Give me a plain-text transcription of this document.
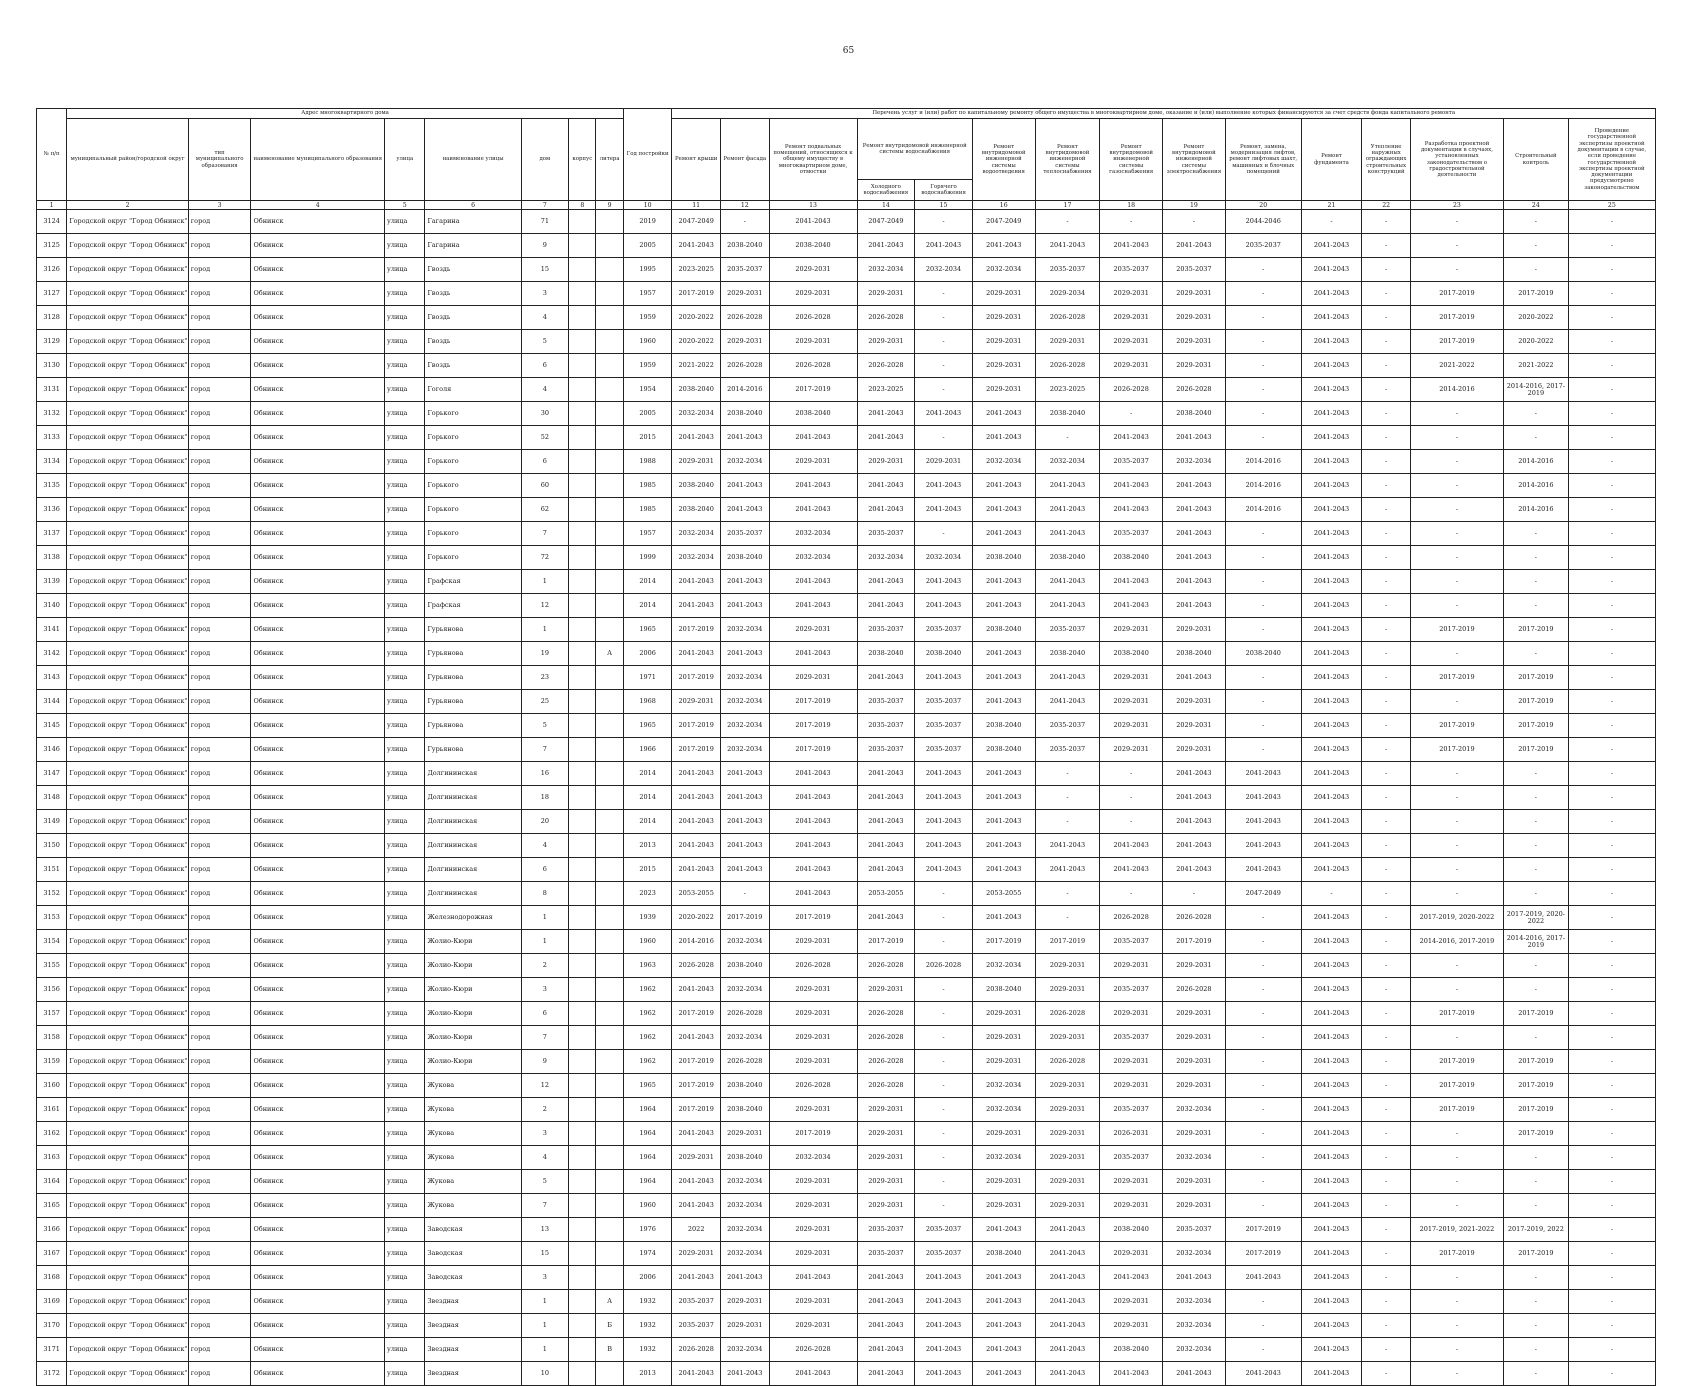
65
№ п/п	Адрес многоквартирного дома								Год постройки	Перечень услуг и (или) работ по капитальному ремонту общего имущества в многоквартирном доме, оказание и (или) выполнение которых финансируются за счет средств фонда капитального ремонта														
	муниципальный район/городской округ	тип муниципального образования	наименование муниципального образования	улица	наименование улицы	дом	корпус	литера		Ремонт крыши	Ремонт фасада	Ремонт подвальных помещений, относящихся к общему имуществу в многоквартирном доме, отмостки	Ремонт внутридомовой инженерной системы водоснабжения		Ремонт внутридомовой инженерной системы водоотведения	Ремонт внутридомовой инженерной системы теплоснабжения	Ремонт внутридомовой инженерной системы газоснабжения	Ремонт внутридомовой инженерной системы электроснабжения	Ремонт, замена, модернизация лифтов, ремонт лифтовых шахт, машинных и блочных помещений	Ремонт фундамента	Утепление наружных ограждающих строительных конструкций	Разработка проектной документации в случаях, установленных законодательством о градостроительной деятельности	Строительный контроль	Проведение государственной экспертизы проектной документации в случае, если проведение государственной экспертизы проектной документации предусмотрено законодательством
													Холодного водоснабжения	Горячего водоснабжения										
1	2	3	4	5	6	7	8	9	10	11	12	13	14	15	16	17	18	19	20	21	22	23	24	25
3124	Городской округ "Город Обнинск"	город	Обнинск	улица	Гагарина	71			2019	2047-2049	-	2041-2043	2047-2049	-	2047-2049	-	-	-	2044-2046	-	-	-	-	-
3125	Городской округ "Город Обнинск"	город	Обнинск	улица	Гагарина	9			2005	2041-2043	2038-2040	2038-2040	2041-2043	2041-2043	2041-2043	2041-2043	2041-2043	2041-2043	2035-2037	2041-2043	-	-	-	-
3126	Городской округ "Город Обнинск"	город	Обнинск	улица	Гвоздь	15			1995	2023-2025	2035-2037	2029-2031	2032-2034	2032-2034	2032-2034	2035-2037	2035-2037	2035-2037	-	2041-2043	-	-	-	-
3127	Городской округ "Город Обнинск"	город	Обнинск	улица	Гвоздь	3			1957	2017-2019	2029-2031	2029-2031	2029-2031	-	2029-2031	2029-2034	2029-2031	2029-2031	-	2041-2043	-	2017-2019	2017-2019	-
3128	Городской округ "Город Обнинск"	город	Обнинск	улица	Гвоздь	4			1959	2020-2022	2026-2028	2026-2028	2026-2028	-	2029-2031	2026-2028	2029-2031	2029-2031	-	2041-2043	-	2017-2019	2020-2022	-
3129	Городской округ "Город Обнинск"	город	Обнинск	улица	Гвоздь	5			1960	2020-2022	2029-2031	2029-2031	2029-2031	-	2029-2031	2029-2031	2029-2031	2029-2031	-	2041-2043	-	2017-2019	2020-2022	-
3130	Городской округ "Город Обнинск"	город	Обнинск	улица	Гвоздь	6			1959	2021-2022	2026-2028	2026-2028	2026-2028	-	2029-2031	2026-2028	2029-2031	2029-2031	-	2041-2043	-	2021-2022	2021-2022	-
3131	Городской округ "Город Обнинск"	город	Обнинск	улица	Гоголя	4			1954	2038-2040	2014-2016	2017-2019	2023-2025	-	2029-2031	2023-2025	2026-2028	2026-2028	-	2041-2043	-	2014-2016	2014-2016, 2017-2019	-
3132	Городской округ "Город Обнинск"	город	Обнинск	улица	Горького	30			2005	2032-2034	2038-2040	2038-2040	2041-2043	2041-2043	2041-2043	2038-2040	-	2038-2040	-	2041-2043	-	-	-	-
3133	Городской округ "Город Обнинск"	город	Обнинск	улица	Горького	52			2015	2041-2043	2041-2043	2041-2043	2041-2043	-	2041-2043	-	2041-2043	2041-2043	-	2041-2043	-	-	-	-
3134	Городской округ "Город Обнинск"	город	Обнинск	улица	Горького	6			1988	2029-2031	2032-2034	2029-2031	2029-2031	2029-2031	2032-2034	2032-2034	2035-2037	2032-2034	2014-2016	2041-2043	-	-	2014-2016	-
3135	Городской округ "Город Обнинск"	город	Обнинск	улица	Горького	60			1985	2038-2040	2041-2043	2041-2043	2041-2043	2041-2043	2041-2043	2041-2043	2041-2043	2041-2043	2014-2016	2041-2043	-	-	2014-2016	-
3136	Городской округ "Город Обнинск"	город	Обнинск	улица	Горького	62			1985	2038-2040	2041-2043	2041-2043	2041-2043	2041-2043	2041-2043	2041-2043	2041-2043	2041-2043	2014-2016	2041-2043	-	-	2014-2016	-
3137	Городской округ "Город Обнинск"	город	Обнинск	улица	Горького	7			1957	2032-2034	2035-2037	2032-2034	2035-2037	-	2041-2043	2041-2043	2035-2037	2041-2043	-	2041-2043	-	-	-	-
3138	Городской округ "Город Обнинск"	город	Обнинск	улица	Горького	72			1999	2032-2034	2038-2040	2032-2034	2032-2034	2032-2034	2038-2040	2038-2040	2038-2040	2041-2043	-	2041-2043	-	-	-	-
3139	Городской округ "Город Обнинск"	город	Обнинск	улица	Графская	1			2014	2041-2043	2041-2043	2041-2043	2041-2043	2041-2043	2041-2043	2041-2043	2041-2043	2041-2043	-	2041-2043	-	-	-	-
3140	Городской округ "Город Обнинск"	город	Обнинск	улица	Графская	12			2014	2041-2043	2041-2043	2041-2043	2041-2043	2041-2043	2041-2043	2041-2043	2041-2043	2041-2043	-	2041-2043	-	-	-	-
3141	Городской округ "Город Обнинск"	город	Обнинск	улица	Гурьянова	1			1965	2017-2019	2032-2034	2029-2031	2035-2037	2035-2037	2038-2040	2035-2037	2029-2031	2029-2031	-	2041-2043	-	2017-2019	2017-2019	-
3142	Городской округ "Город Обнинск"	город	Обнинск	улица	Гурьянова	19		А	2006	2041-2043	2041-2043	2041-2043	2038-2040	2038-2040	2041-2043	2038-2040	2038-2040	2038-2040	2038-2040	2041-2043	-	-	-	-
3143	Городской округ "Город Обнинск"	город	Обнинск	улица	Гурьянова	23			1971	2017-2019	2032-2034	2029-2031	2041-2043	2041-2043	2041-2043	2041-2043	2029-2031	2041-2043	-	2041-2043	-	2017-2019	2017-2019	-
3144	Городской округ "Город Обнинск"	город	Обнинск	улица	Гурьянова	25			1968	2029-2031	2032-2034	2017-2019	2035-2037	2035-2037	2041-2043	2041-2043	2029-2031	2029-2031	-	2041-2043	-	-	2017-2019	-
3145	Городской округ "Город Обнинск"	город	Обнинск	улица	Гурьянова	5			1965	2017-2019	2032-2034	2017-2019	2035-2037	2035-2037	2038-2040	2035-2037	2029-2031	2029-2031	-	2041-2043	-	2017-2019	2017-2019	-
3146	Городской округ "Город Обнинск"	город	Обнинск	улица	Гурьянова	7			1966	2017-2019	2032-2034	2017-2019	2035-2037	2035-2037	2038-2040	2035-2037	2029-2031	2029-2031	-	2041-2043	-	2017-2019	2017-2019	-
3147	Городской округ "Город Обнинск"	город	Обнинск	улица	Долгининская	16			2014	2041-2043	2041-2043	2041-2043	2041-2043	2041-2043	2041-2043	-	-	2041-2043	2041-2043	2041-2043	-	-	-	-
3148	Городской округ "Город Обнинск"	город	Обнинск	улица	Долгининская	18			2014	2041-2043	2041-2043	2041-2043	2041-2043	2041-2043	2041-2043	-	-	2041-2043	2041-2043	2041-2043	-	-	-	-
3149	Городской округ "Город Обнинск"	город	Обнинск	улица	Долгининская	20			2014	2041-2043	2041-2043	2041-2043	2041-2043	2041-2043	2041-2043	-	-	2041-2043	2041-2043	2041-2043	-	-	-	-
3150	Городской округ "Город Обнинск"	город	Обнинск	улица	Долгининская	4			2013	2041-2043	2041-2043	2041-2043	2041-2043	2041-2043	2041-2043	2041-2043	2041-2043	2041-2043	2041-2043	2041-2043	-	-	-	-
3151	Городской округ "Город Обнинск"	город	Обнинск	улица	Долгининская	6			2015	2041-2043	2041-2043	2041-2043	2041-2043	2041-2043	2041-2043	2041-2043	2041-2043	2041-2043	2041-2043	2041-2043	-	-	-	-
3152	Городской округ "Город Обнинск"	город	Обнинск	улица	Долгининская	8			2023	2053-2055	-	2041-2043	2053-2055	-	2053-2055	-	-	-	2047-2049	-	-	-	-	-
3153	Городской округ "Город Обнинск"	город	Обнинск	улица	Железнодорожная	1			1939	2020-2022	2017-2019	2017-2019	2041-2043	-	2041-2043	-	2026-2028	2026-2028	-	2041-2043	-	2017-2019, 2020-2022	2017-2019, 2020-2022	-
3154	Городской округ "Город Обнинск"	город	Обнинск	улица	Жолио-Кюри	1			1960	2014-2016	2032-2034	2029-2031	2017-2019	-	2017-2019	2017-2019	2035-2037	2017-2019	-	2041-2043	-	2014-2016, 2017-2019	2014-2016, 2017-2019	-
3155	Городской округ "Город Обнинск"	город	Обнинск	улица	Жолио-Кюри	2			1963	2026-2028	2038-2040	2026-2028	2026-2028	2026-2028	2032-2034	2029-2031	2029-2031	2029-2031	-	2041-2043	-	-	-	-
3156	Городской округ "Город Обнинск"	город	Обнинск	улица	Жолио-Кюри	3			1962	2041-2043	2032-2034	2029-2031	2029-2031	-	2038-2040	2029-2031	2035-2037	2026-2028	-	2041-2043	-	-	-	-
3157	Городской округ "Город Обнинск"	город	Обнинск	улица	Жолио-Кюри	6			1962	2017-2019	2026-2028	2029-2031	2026-2028	-	2029-2031	2026-2028	2029-2031	2029-2031	-	2041-2043	-	2017-2019	2017-2019	-
3158	Городской округ "Город Обнинск"	город	Обнинск	улица	Жолио-Кюри	7			1962	2041-2043	2032-2034	2029-2031	2026-2028	-	2029-2031	2029-2031	2035-2037	2029-2031	-	2041-2043	-	-	-	-
3159	Городской округ "Город Обнинск"	город	Обнинск	улица	Жолио-Кюри	9			1962	2017-2019	2026-2028	2029-2031	2026-2028	-	2029-2031	2026-2028	2029-2031	2029-2031	-	2041-2043	-	2017-2019	2017-2019	-
3160	Городской округ "Город Обнинск"	город	Обнинск	улица	Жукова	12			1965	2017-2019	2038-2040	2026-2028	2026-2028	-	2032-2034	2029-2031	2029-2031	2029-2031	-	2041-2043	-	2017-2019	2017-2019	-
3161	Городской округ "Город Обнинск"	город	Обнинск	улица	Жукова	2			1964	2017-2019	2038-2040	2029-2031	2029-2031	-	2032-2034	2029-2031	2035-2037	2032-2034	-	2041-2043	-	2017-2019	2017-2019	-
3162	Городской округ "Город Обнинск"	город	Обнинск	улица	Жукова	3			1964	2041-2043	2029-2031	2017-2019	2029-2031	-	2029-2031	2029-2031	2026-2031	2029-2031	-	2041-2043	-	-	2017-2019	-
3163	Городской округ "Город Обнинск"	город	Обнинск	улица	Жукова	4			1964	2029-2031	2038-2040	2032-2034	2029-2031	-	2032-2034	2029-2031	2035-2037	2032-2034	-	2041-2043	-	-	-	-
3164	Городской округ "Город Обнинск"	город	Обнинск	улица	Жукова	5			1964	2041-2043	2032-2034	2029-2031	2029-2031	-	2029-2031	2029-2031	2029-2031	2029-2031	-	2041-2043	-	-	-	-
3165	Городской округ "Город Обнинск"	город	Обнинск	улица	Жукова	7			1960	2041-2043	2032-2034	2029-2031	2029-2031	-	2029-2031	2029-2031	2029-2031	2029-2031	-	2041-2043	-	-	-	-
3166	Городской округ "Город Обнинск"	город	Обнинск	улица	Заводская	13			1976	2022	2032-2034	2029-2031	2035-2037	2035-2037	2041-2043	2041-2043	2038-2040	2035-2037	2017-2019	2041-2043	-	2017-2019, 2021-2022	2017-2019, 2022	-
3167	Городской округ "Город Обнинск"	город	Обнинск	улица	Заводская	15			1974	2029-2031	2032-2034	2029-2031	2035-2037	2035-2037	2038-2040	2041-2043	2029-2031	2032-2034	2017-2019	2041-2043	-	2017-2019	2017-2019	-
3168	Городской округ "Город Обнинск"	город	Обнинск	улица	Заводская	3			2006	2041-2043	2041-2043	2041-2043	2041-2043	2041-2043	2041-2043	2041-2043	2041-2043	2041-2043	2041-2043	2041-2043	-	-	-	-
3169	Городской округ "Город Обнинск"	город	Обнинск	улица	Звездная	1		А	1932	2035-2037	2029-2031	2029-2031	2041-2043	2041-2043	2041-2043	2041-2043	2029-2031	2032-2034	-	2041-2043	-	-	-	-
3170	Городской округ "Город Обнинск"	город	Обнинск	улица	Звездная	1		Б	1932	2035-2037	2029-2031	2029-2031	2041-2043	2041-2043	2041-2043	2041-2043	2029-2031	2032-2034	-	2041-2043	-	-	-	-
3171	Городской округ "Город Обнинск"	город	Обнинск	улица	Звездная	1		В	1932	2026-2028	2032-2034	2026-2028	2041-2043	2041-2043	2041-2043	2041-2043	2038-2040	2032-2034	-	2041-2043	-	-	-	-
3172	Городской округ "Город Обнинск"	город	Обнинск	улица	Звездная	10			2013	2041-2043	2041-2043	2041-2043	2041-2043	2041-2043	2041-2043	2041-2043	2041-2043	2041-2043	2041-2043	2041-2043	-	-	-	-
